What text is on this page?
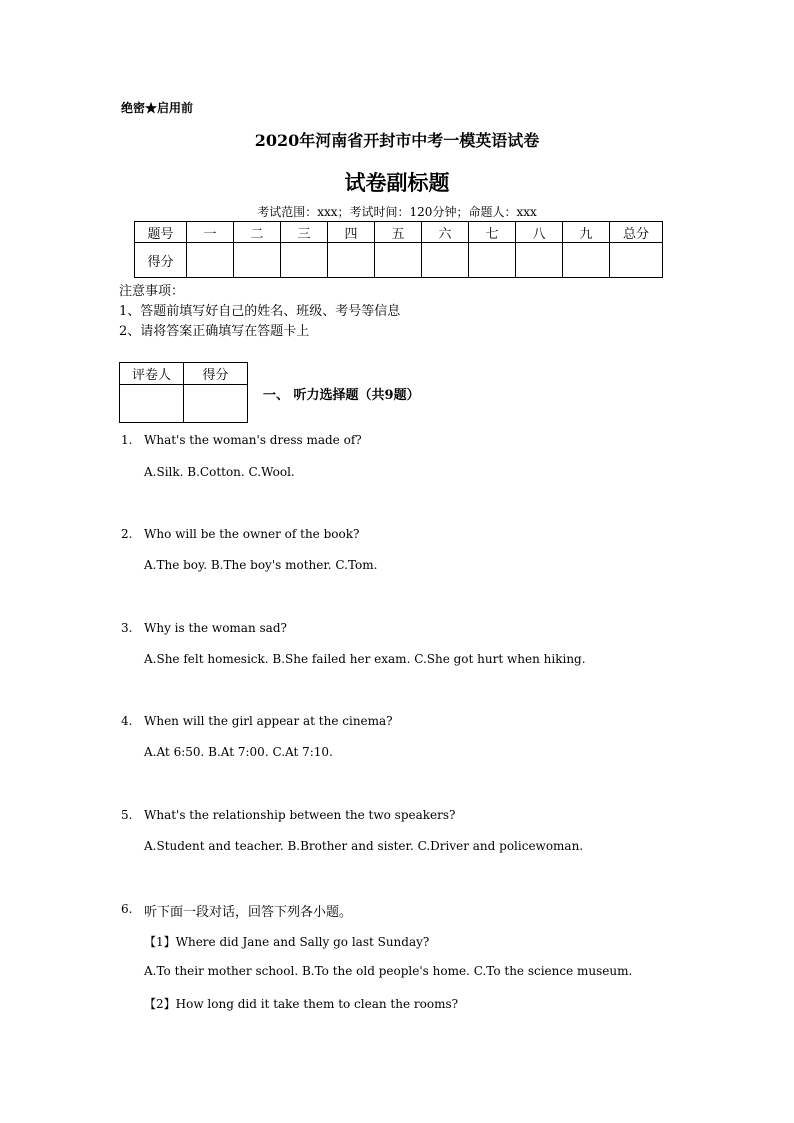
绝密★启用前
2020年河南省开封市中考一模英语试卷
试卷副标题
考试范围：xxx；考试时间：120分钟；命题人：xxx
题号	一	二	三	四	五	六	七	八	九	总分
得分										
注意事项：
1、答题前填写好自己的姓名、班级、考号等信息
2、请将答案正确填写在答题卡上
评卷人	得分

一、 听力选择题（共9题）
1. What's the woman's dress made of?
A.Silk. B.Cotton. C.Wool.
2. Who will be the owner of the book?
A.The boy. B.The boy's mother. C.Tom.
3. Why is the woman sad?
A.She felt homesick. B.She failed her exam. C.She got hurt when hiking.
4. When will the girl appear at the cinema?
A.At 6:50. B.At 7:00. C.At 7:10.
5. What's the relationship between the two speakers?
A.Student and teacher. B.Brother and sister. C.Driver and policewoman.
6. 听下面一段对话，回答下列各小题。
【1】Where did Jane and Sally go last Sunday?
A.To their mother school. B.To the old people's home. C.To the science museum.
【2】How long did it take them to clean the rooms?
